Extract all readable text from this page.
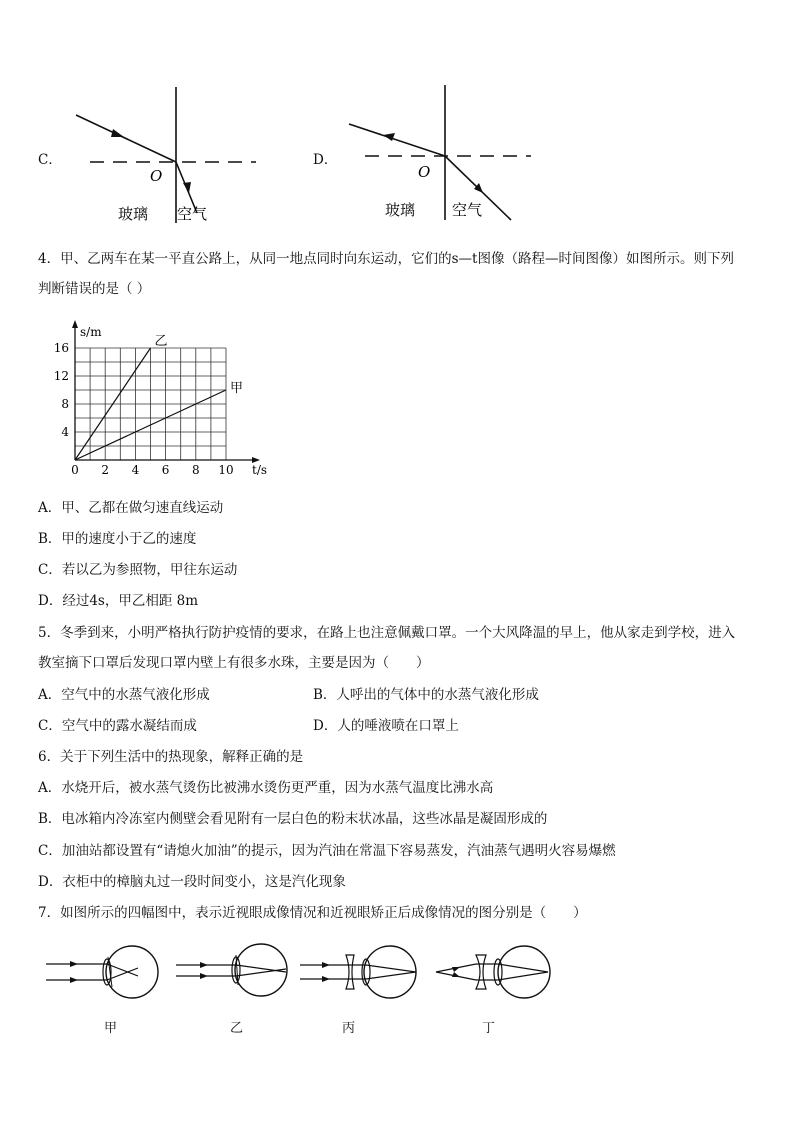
C．
O
玻璃 空气
D．
O
玻璃 空气
4．甲、乙两车在某一平直公路上，从同一地点同时向东运动，它们的s—t图像（路程—时间图像）如图所示。则下列
判断错误的是（ ）
0 2 4 6 8 10
4
8
12
16
t/s
s/m
乙
甲
A．甲、乙都在做匀速直线运动
B．甲的速度小于乙的速度
C．若以乙为参照物，甲往东运动
D．经过4s，甲乙相距 8m
5．冬季到来，小明严格执行防护疫情的要求，在路上也注意佩戴口罩。一个大风降温的早上，他从家走到学校，进入
教室摘下口罩后发现口罩内壁上有很多水珠，主要是因为（　　）
A．空气中的水蒸气液化形成	B．人呼出的气体中的水蒸气液化形成
C．空气中的露水凝结而成	D．人的唾液喷在口罩上
6．关于下列生活中的热现象，解释正确的是
A．水烧开后，被水蒸气烫伤比被沸水烫伤更严重，因为水蒸气温度比沸水高
B．电冰箱内冷冻室内侧壁会看见附有一层白色的粉末状冰晶，这些冰晶是凝固形成的
C．加油站都设置有“请熄火加油”的提示，因为汽油在常温下容易蒸发，汽油蒸气遇明火容易爆燃
D．衣柜中的樟脑丸过一段时间变小，这是汽化现象
7．如图所示的四幅图中，表示近视眼成像情况和近视眼矫正后成像情况的图分别是（　　）
甲	乙	丙	丁
